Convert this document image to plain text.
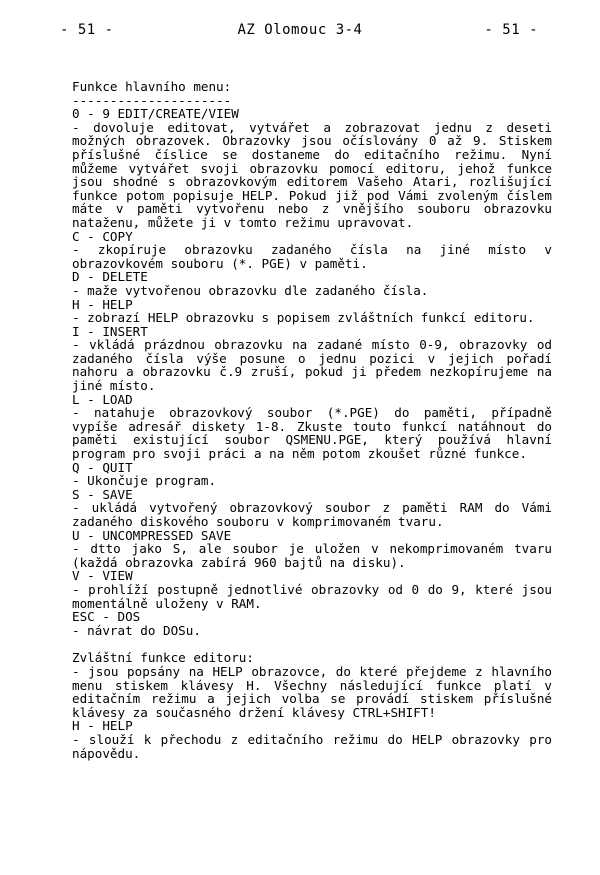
- 51 -	AZ Olomouc 3-4	- 51 -

Funkce hlavního menu:

---------------------

0 - 9 EDIT/CREATE/VIEW

- dovoluje editovat, vytvářet a zobrazovat jednu z deseti možných obrazovek. Obrazovky jsou očíslovány 0 až 9. Stiskem příslušné číslice se dostaneme do editačního režimu. Nyní můžeme vytvářet svoji obrazovku pomocí editoru, jehož funkce jsou shodné s obrazovkovým editorem Vašeho Atari, rozlišující funkce potom popisuje HELP. Pokud již pod Vámi zvoleným číslem máte v paměti vytvořenu nebo z vnějšího souboru obrazovku nataženu, můžete ji v tomto režimu upravovat.

C - COPY

- zkopíruje obrazovku zadaného čísla na jiné místo v obrazovkovém souboru (*. PGE) v paměti.

D - DELETE

- maže vytvořenou obrazovku dle zadaného čísla.

H - HELP

- zobrazí HELP obrazovku s popisem zvláštních funkcí editoru.

I - INSERT

- vkládá prázdnou obrazovku na zadané místo 0-9, obrazovky od zadaného čísla výše posune o jednu pozici v jejich pořadí nahoru a obrazovku č.9 zruší, pokud ji předem nezkopírujeme na jiné místo.

L - LOAD

- natahuje obrazovkový soubor (*.PGE) do paměti, případně vypíše adresář diskety 1-8. Zkuste touto funkcí natáhnout do paměti existující soubor QSMENU.PGE, který používá hlavní program pro svoji práci a na něm potom zkoušet různé funkce.

Q - QUIT

- Ukončuje program.

S - SAVE

- ukládá vytvořený obrazovkový soubor z paměti RAM do Vámi zadaného diskového souboru v komprimovaném tvaru.

U - UNCOMPRESSED SAVE

- dtto jako S, ale soubor je uložen v nekomprimovaném tvaru (každá obrazovka zabírá 960 bajtů na disku).

V - VIEW

- prohlíží postupně jednotlivé obrazovky od 0 do 9, které jsou momentálně uloženy v RAM.

ESC - DOS

- návrat do DOSu.

Zvláštní funkce editoru:

- jsou popsány na HELP obrazovce, do které přejdeme z hlavního menu stiskem klávesy H. Všechny následující funkce platí v editačním režimu a jejich volba se provádí stiskem příslušné klávesy za současného držení klávesy CTRL+SHIFT!

H - HELP

- slouží k přechodu z editačního režimu do HELP obrazovky pro nápovědu.
